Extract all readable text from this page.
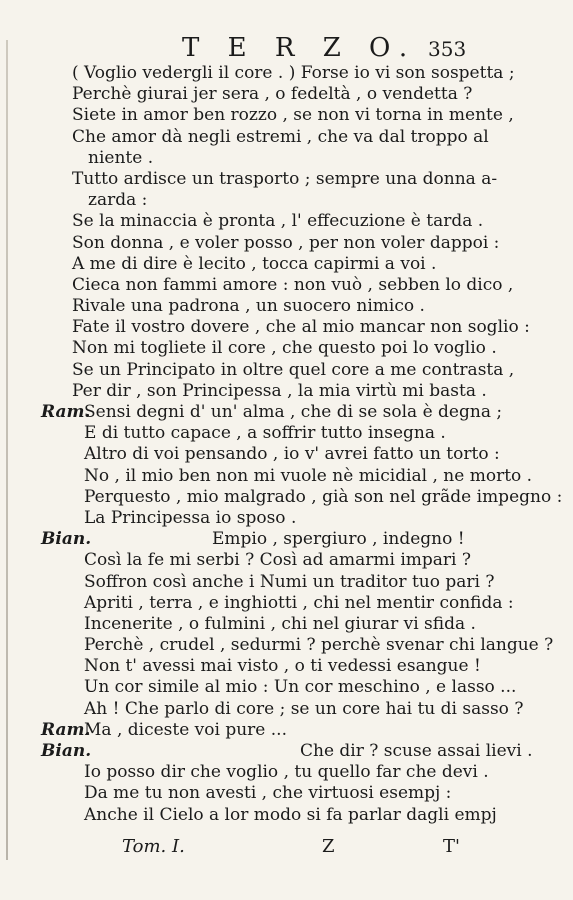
T E R Z O. 353
( Voglio vedergli il core . ) Forse io vi son sospetta ;
Perchè giurai jer sera , o fedeltà , o vendetta ?
Siete in amor ben rozzo , se non vi torna in mente ,
Che amor dà negli estremi , che va dal troppo al
niente .
Tutto ardisce un trasporto ; sempre una donna a-
zarda :
Se la minaccia è pronta , l' effecuzione è tarda .
Son donna , e voler posso , per non voler dappoi :
A me di dire è lecito , tocca capirmi a voi .
Cieca non fammi amore : non vuò , sebben lo dico ,
Rivale una padrona , un suocero nimico .
Fate il vostro dovere , che al mio mancar non soglio :
Non mi togliete il core , che questo poi lo voglio .
Se un Principato in oltre quel core a me contrasta ,
Per dir , son Principessa , la mia virtù mi basta .
Ram.
Sensi degni d' un' alma , che di se sola è degna ;
E di tutto capace , a soffrir tutto insegna .
Altro di voi pensando , io v' avrei fatto un torto :
No , il mio ben non mi vuole nè micidial , ne morto .
Perquesto , mio malgrado , già son nel grãde impegno :
La Principessa io sposo .
Bian.	Empio , spergiuro , indegno !
Così la fe mi serbi ? Così ad amarmi impari ?
Soffron così anche i Numi un traditor tuo pari ?
Apriti , terra , e inghiotti , chi nel mentir confida :
Incenerite , o fulmini , chi nel giurar vi sfida .
Perchè , crudel , sedurmi ? perchè svenar chi langue ?
Non t' avessi mai visto , o ti vedessi esangue !
Un cor simile al mio : Un cor meschino , e lasso ...
Ah ! Che parlo di core ; se un core hai tu di sasso ?
Ram.
Ma , diceste voi pure ...
Bian.	Che dir ? scuse assai lievi .
Io posso dir che voglio , tu quello far che devi .
Da me tu non avesti , che virtuosi esempj :
Anche il Cielo a lor modo si fa parlar dagli empj
Tom. I.	Z	T'
